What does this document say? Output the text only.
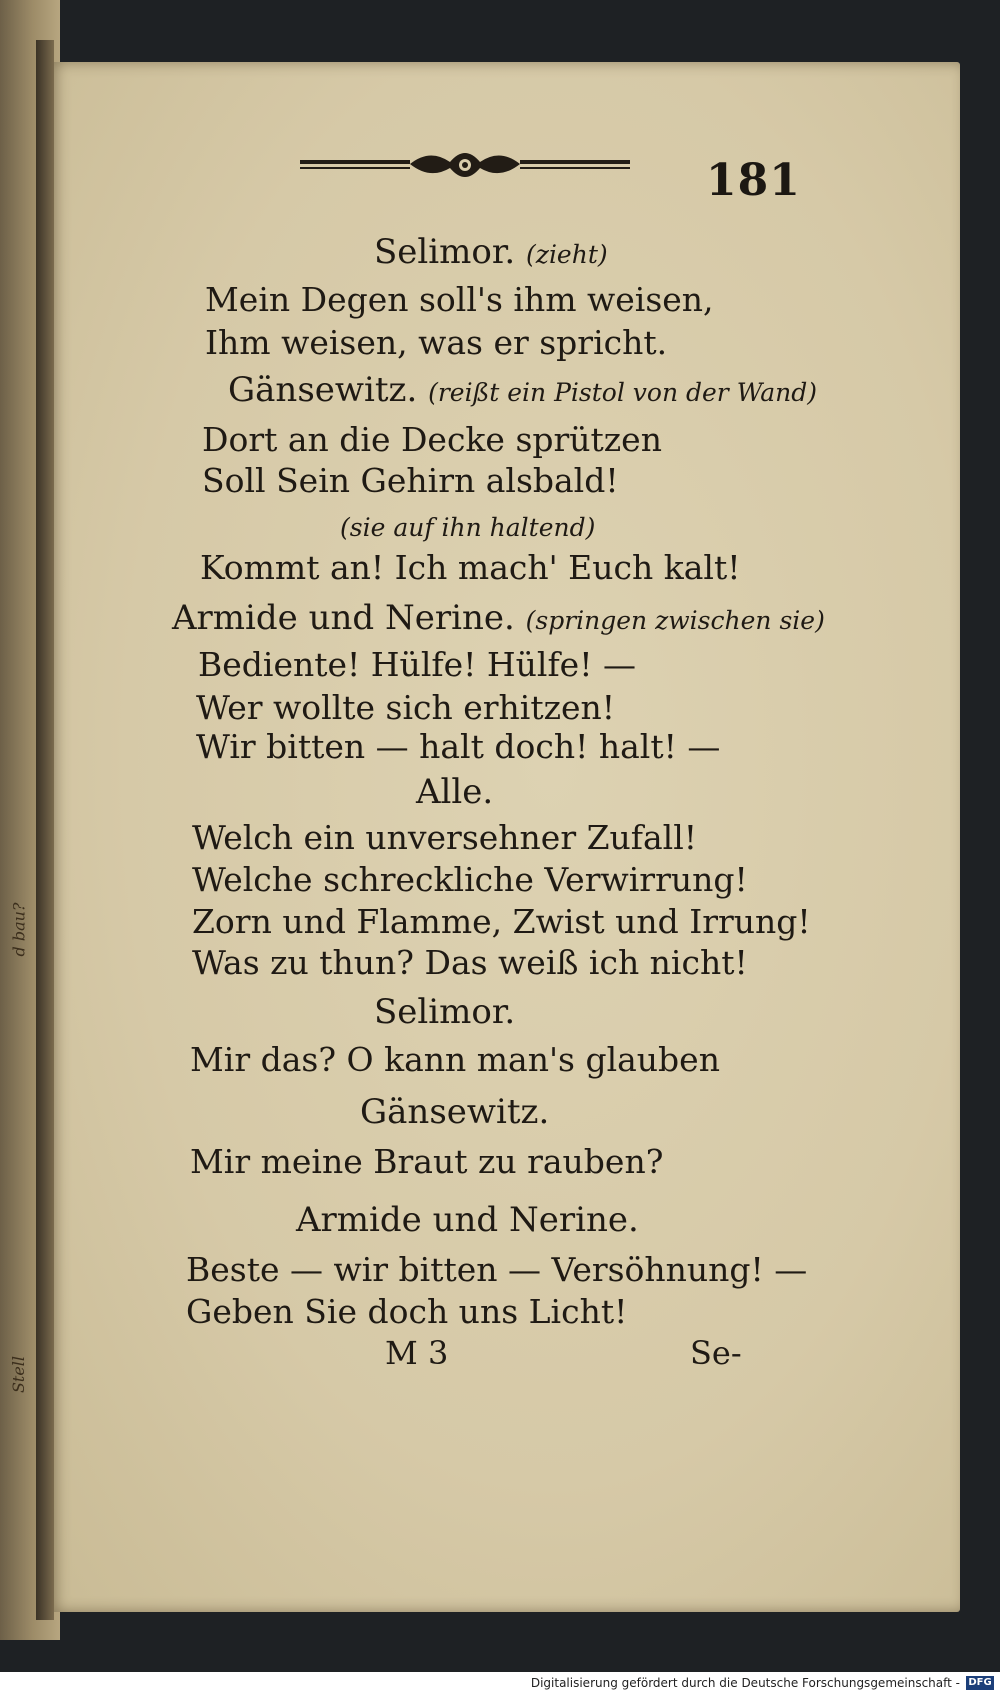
d bau?
Stell
181
Selimor. (zieht)
Mein Degen soll's ihm weisen,
Ihm weisen, was er spricht.
Gänsewitz. (reißt ein Pistol von der Wand)
Dort an die Decke sprützen
Soll Sein Gehirn alsbald!
(sie auf ihn haltend)
Kommt an! Ich mach' Euch kalt!
Armide und Nerine. (springen zwischen sie)
Bediente! Hülfe! Hülfe! —
Wer wollte sich erhitzen!
Wir bitten — halt doch! halt! —
Alle.
Welch ein unversehner Zufall!
Welche schreckliche Verwirrung!
Zorn und Flamme, Zwist und Irrung!
Was zu thun? Das weiß ich nicht!
Selimor.
Mir das? O kann man's glauben
Gänsewitz.
Mir meine Braut zu rauben?
Armide und Nerine.
Beste — wir bitten — Versöhnung! —
Geben Sie doch uns Licht!
M 3	Se-
Digitalisierung gefördert durch die Deutsche Forschungsgemeinschaft - DFG
